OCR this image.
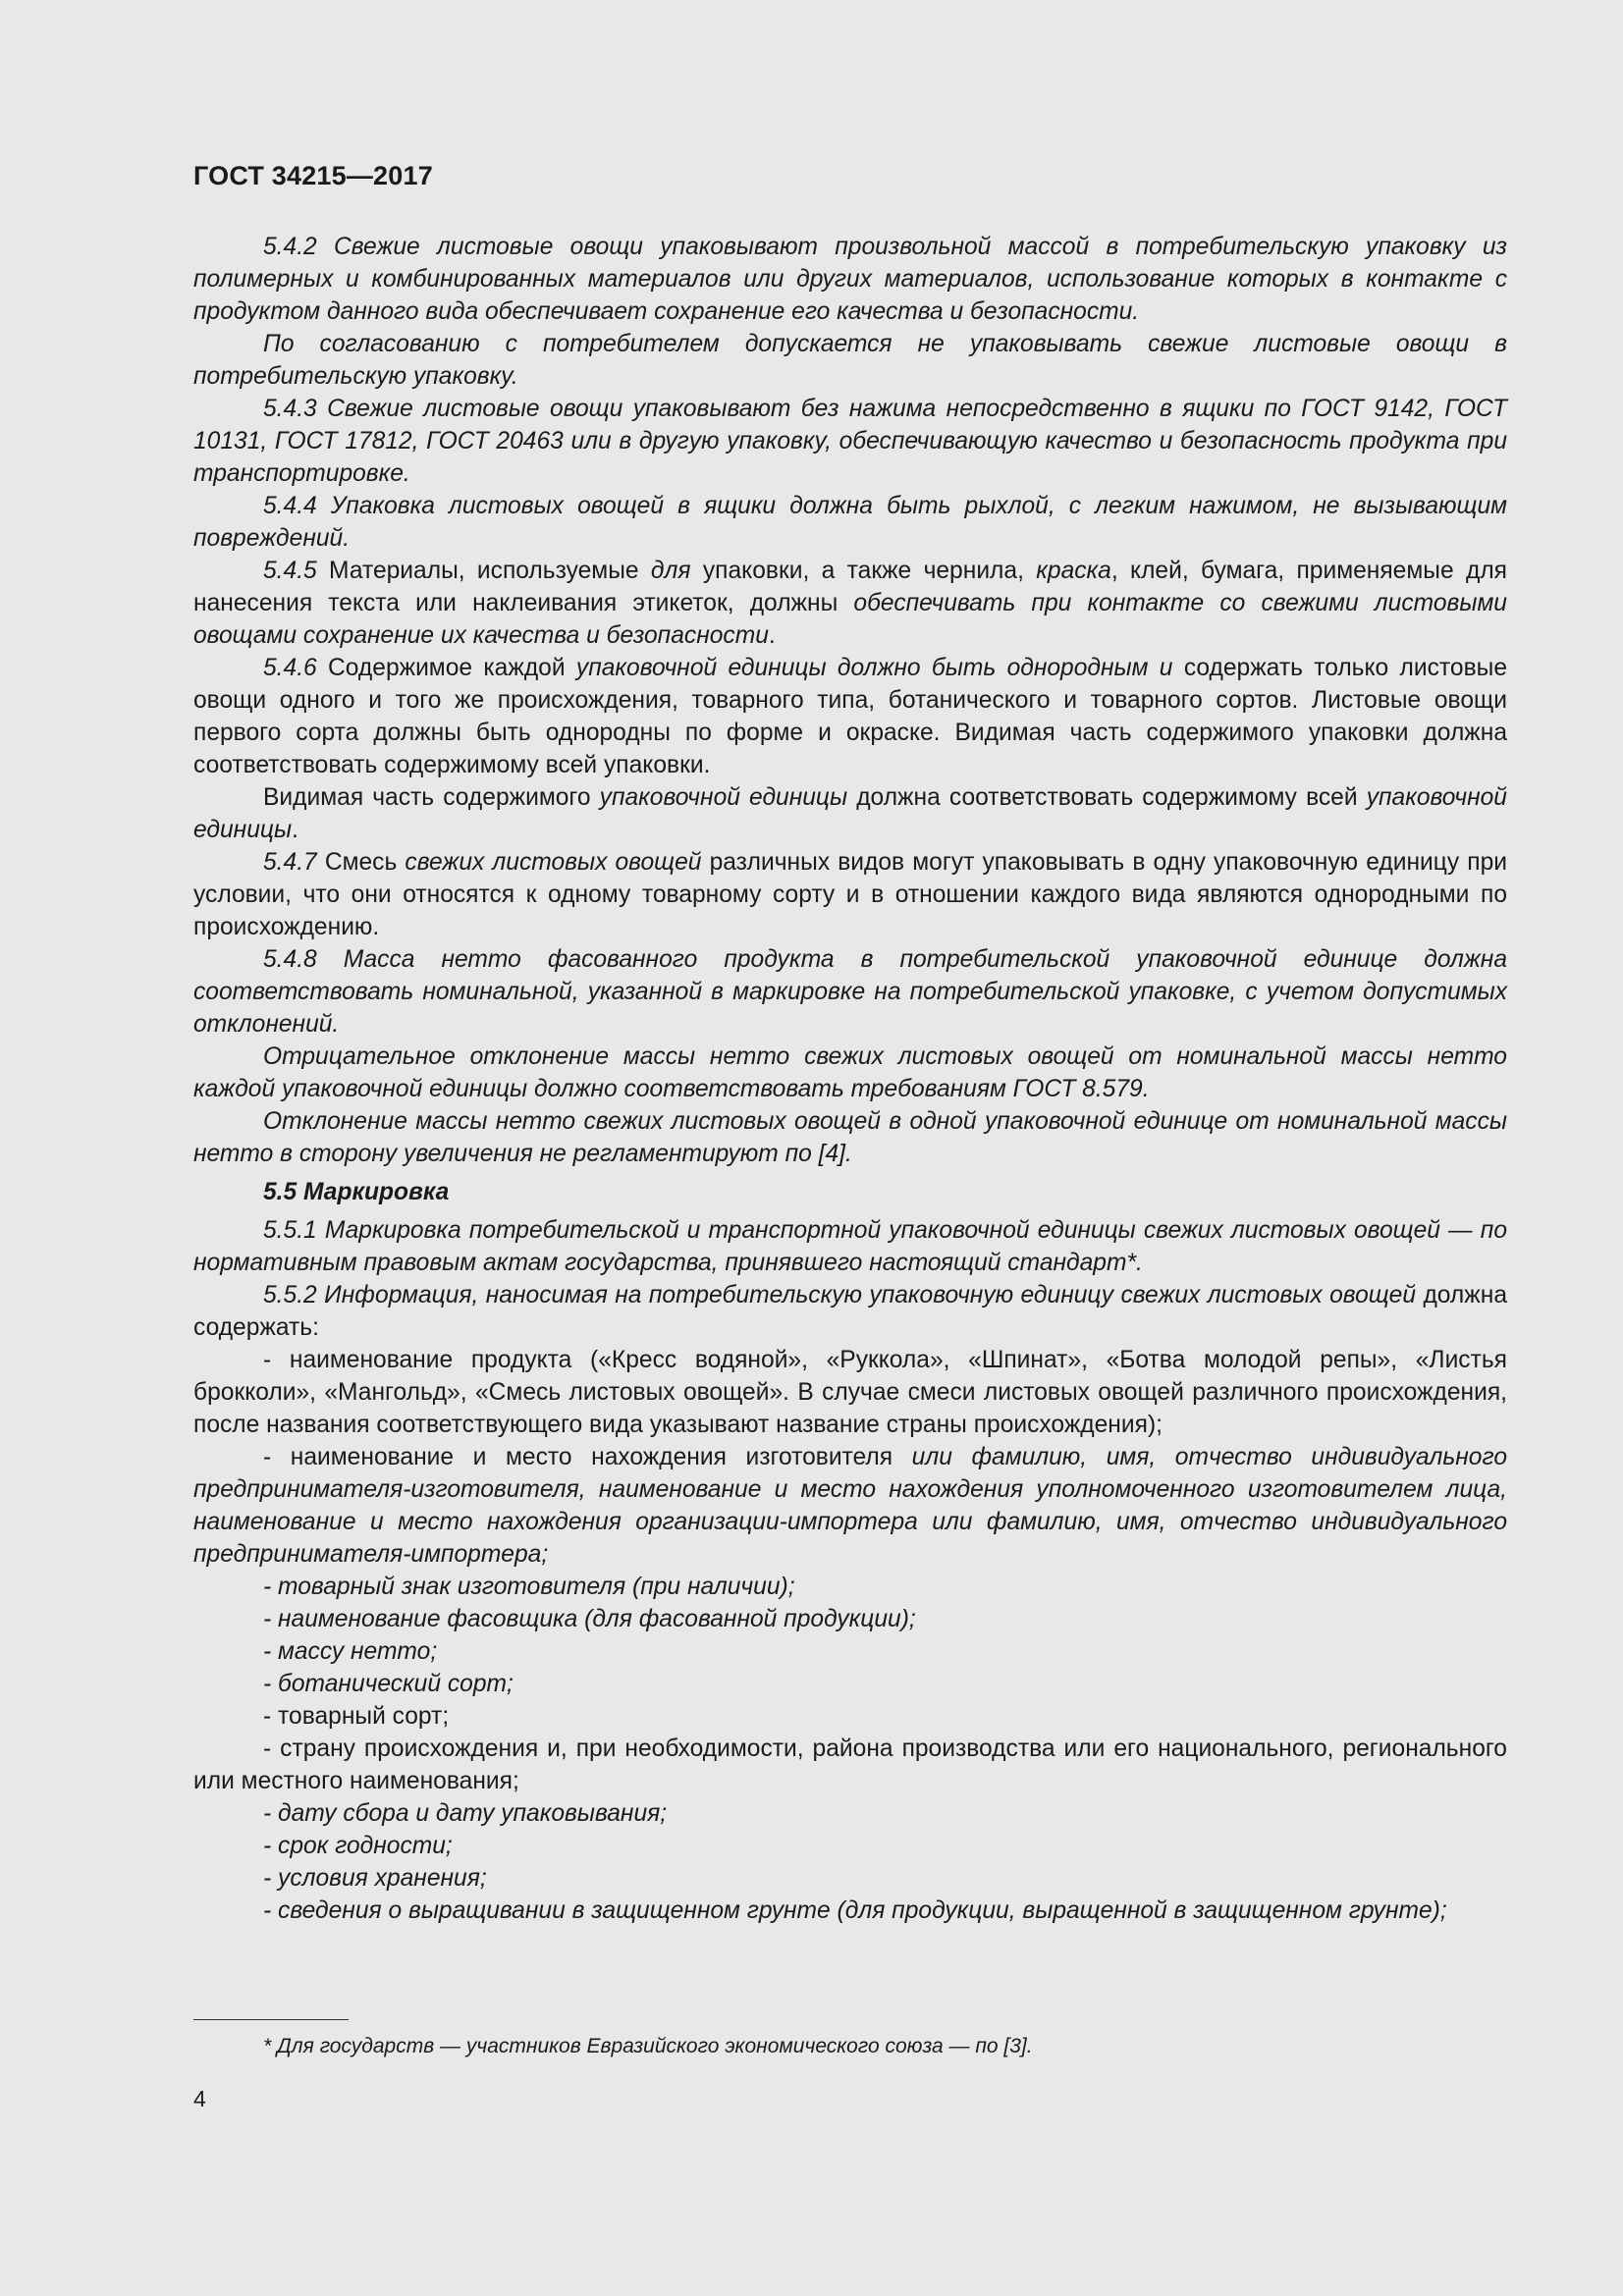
ГОСТ 34215—2017

5.4.2 Свежие листовые овощи упаковывают произвольной массой в потребительскую упаковку из полимерных и комбинированных материалов или других материалов, использование которых в контакте с продуктом данного вида обеспечивает сохранение его качества и безопасности.

По согласованию с потребителем допускается не упаковывать свежие листовые овощи в потребительскую упаковку.

5.4.3 Свежие листовые овощи упаковывают без нажима непосредственно в ящики по ГОСТ 9142, ГОСТ 10131, ГОСТ 17812, ГОСТ 20463 или в другую упаковку, обеспечивающую качество и безопасность продукта при транспортировке.

5.4.4 Упаковка листовых овощей в ящики должна быть рыхлой, с легким нажимом, не вызывающим повреждений.

5.4.5 Материалы, используемые для упаковки, а также чернила, краска, клей, бумага, применяемые для нанесения текста или наклеивания этикеток, должны обеспечивать при контакте со свежими листовыми овощами сохранение их качества и безопасности.

5.4.6 Содержимое каждой упаковочной единицы должно быть однородным и содержать только листовые овощи одного и того же происхождения, товарного типа, ботанического и товарного сортов. Листовые овощи первого сорта должны быть однородны по форме и окраске. Видимая часть содержимого упаковки должна соответствовать содержимому всей упаковки.

Видимая часть содержимого упаковочной единицы должна соответствовать содержимому всей упаковочной единицы.

5.4.7 Смесь свежих листовых овощей различных видов могут упаковывать в одну упаковочную единицу при условии, что они относятся к одному товарному сорту и в отношении каждого вида являются однородными по происхождению.

5.4.8 Масса нетто фасованного продукта в потребительской упаковочной единице должна соответствовать номинальной, указанной в маркировке на потребительской упаковке, с учетом допустимых отклонений.

Отрицательное отклонение массы нетто свежих листовых овощей от номинальной массы нетто каждой упаковочной единицы должно соответствовать требованиям ГОСТ 8.579.

Отклонение массы нетто свежих листовых овощей в одной упаковочной единице от номинальной массы нетто в сторону увеличения не регламентируют по [4].

5.5 Маркировка

5.5.1 Маркировка потребительской и транспортной упаковочной единицы свежих листовых овощей — по нормативным правовым актам государства, принявшего настоящий стандарт*.

5.5.2 Информация, наносимая на потребительскую упаковочную единицу свежих листовых овощей должна содержать:

- наименование продукта («Кресс водяной», «Руккола», «Шпинат», «Ботва молодой репы», «Листья брокколи», «Мангольд», «Смесь листовых овощей». В случае смеси листовых овощей различного происхождения, после названия соответствующего вида указывают название страны происхождения);

- наименование и место нахождения изготовителя или фамилию, имя, отчество индивидуального предпринимателя-изготовителя, наименование и место нахождения уполномоченного изготовителем лица, наименование и место нахождения организации-импортера или фамилию, имя, отчество индивидуального предпринимателя-импортера;

- товарный знак изготовителя (при наличии);

- наименование фасовщика (для фасованной продукции);

- массу нетто;

- ботанический сорт;

- товарный сорт;

- страну происхождения и, при необходимости, района производства или его национального, регионального или местного наименования;

- дату сбора и дату упаковывания;

- срок годности;

- условия хранения;

- сведения о выращивании в защищенном грунте (для продукции, выращенной в защищенном грунте);

* Для государств — участников Евразийского экономического союза — по [3].
4
